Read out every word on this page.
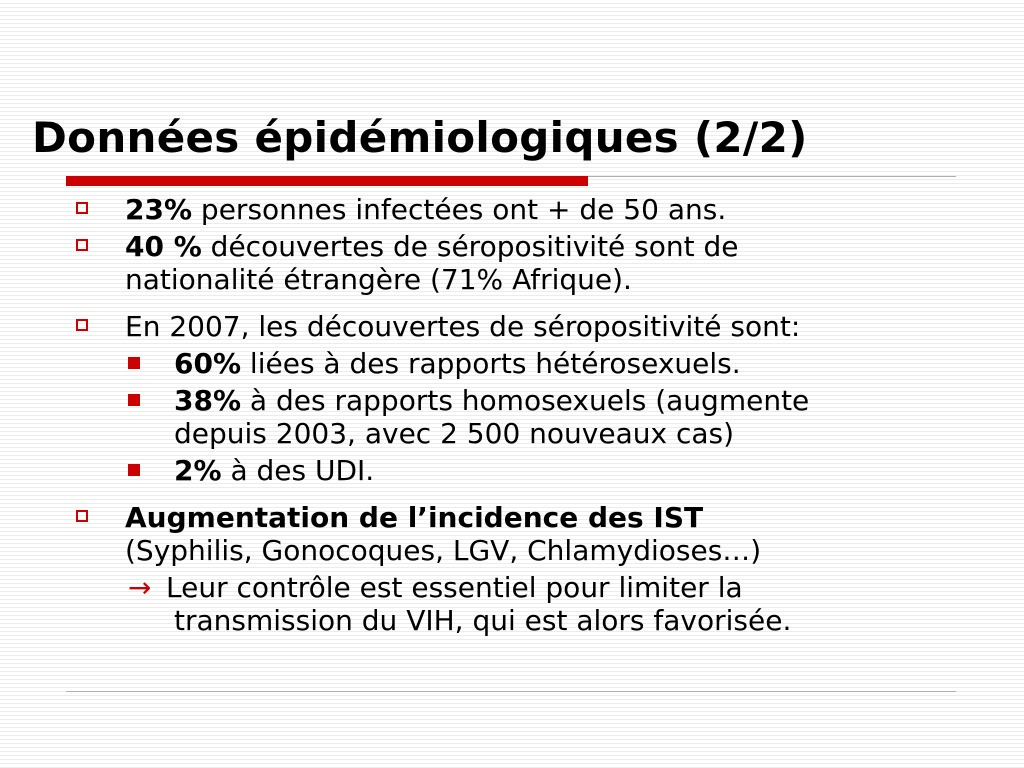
Données épidémiologiques (2/2)
23% personnes infectées ont + de 50 ans.
40 % découvertes de séropositivité sont de
nationalité étrangère (71% Afrique).
En 2007, les découvertes de séropositivité sont:
60% liées à des rapports hétérosexuels.
38% à des rapports homosexuels (augmente
depuis 2003, avec 2 500 nouveaux cas)
2% à des UDI.
Augmentation de l’incidence des IST
(Syphilis, Gonocoques, LGV, Chlamydioses…)
→ Leur contrôle est essentiel pour limiter la
transmission du VIH, qui est alors favorisée.
